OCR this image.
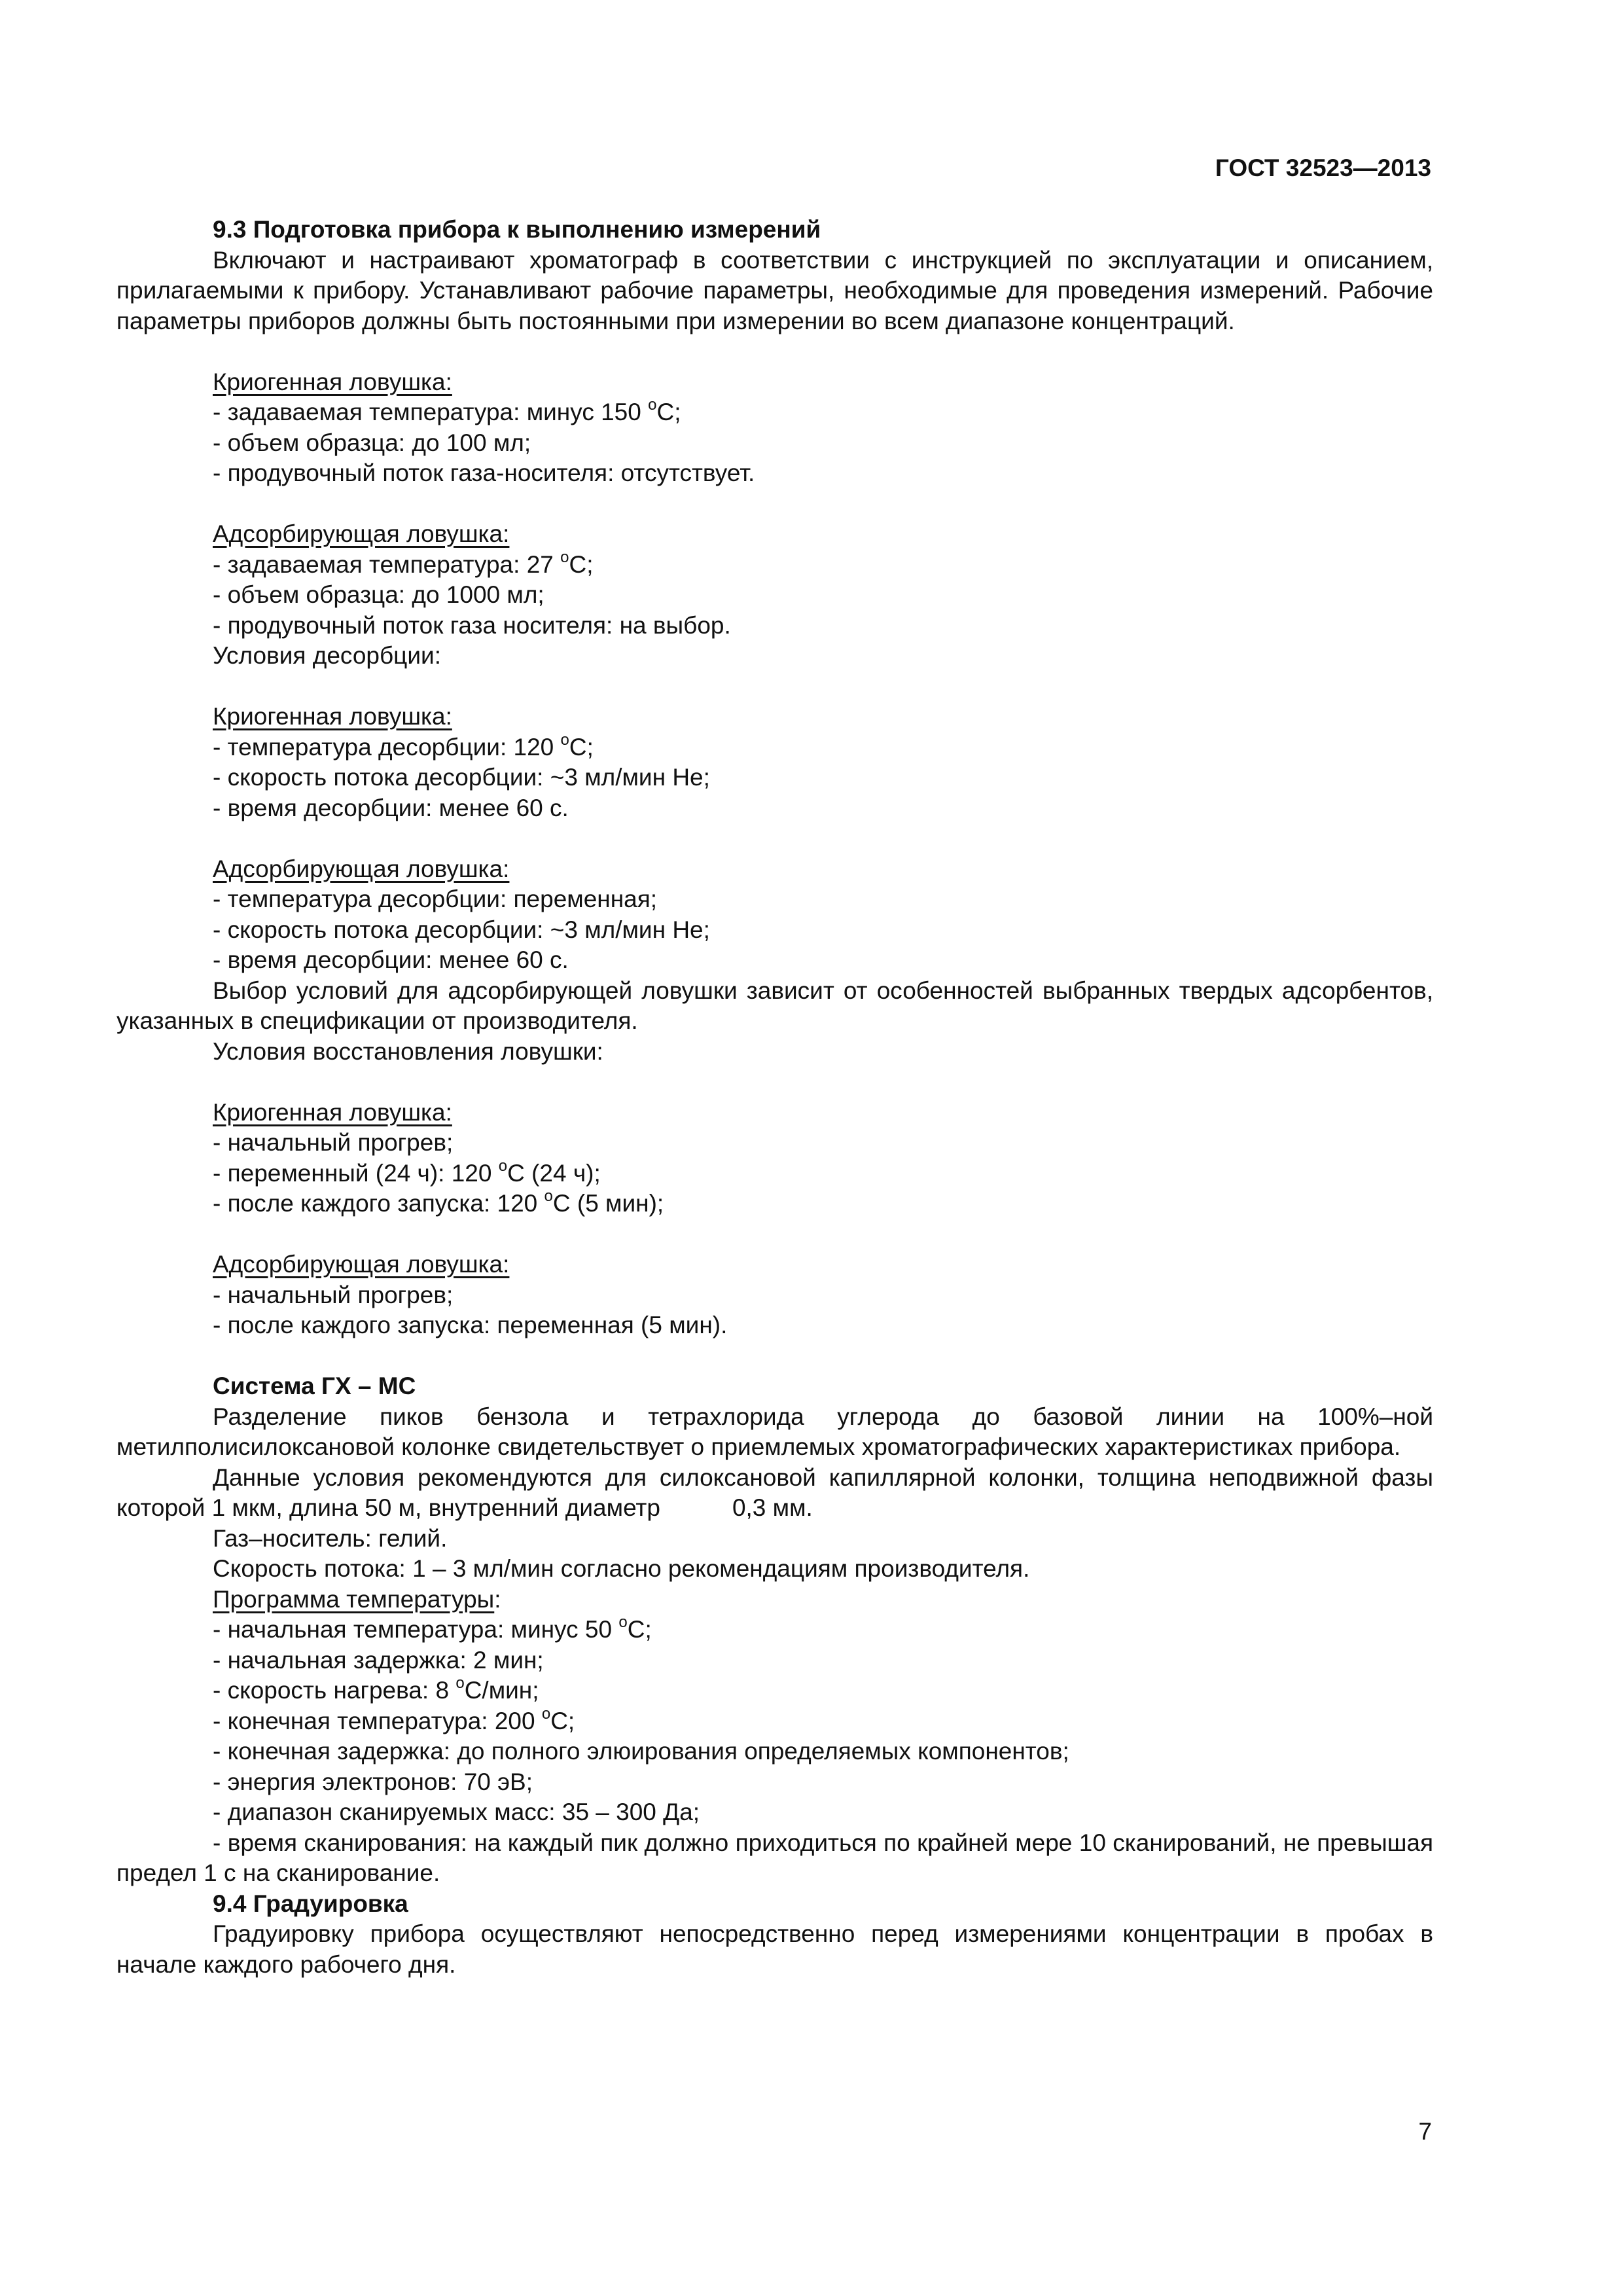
ГОСТ 32523—2013
9.3 Подготовка прибора к выполнению измерений
Включают и настраивают хроматограф в соответствии с инструкцией по эксплуатации и описанием, прилагаемыми к прибору. Устанавливают рабочие параметры, необходимые для проведения измерений. Рабочие параметры приборов должны быть постоянными при измерении во всем диапазоне концентраций.
Криогенная ловушка:
- задаваемая температура: минус 150 $^o$С;
- объем образца: до 100 мл;
- продувочный поток газа-носителя: отсутствует.
Адсорбирующая ловушка:
- задаваемая температура: 27 $^o$С;
- объем образца: до 1000 мл;
- продувочный поток газа носителя: на выбор.
Условия десорбции:
Криогенная ловушка:
- температура десорбции: 120 $^o$С;
- скорость потока десорбции: ~3 мл/мин Не;
- время десорбции: менее 60 с.
Адсорбирующая ловушка:
- температура десорбции: переменная;
- скорость потока десорбции: ~3 мл/мин Не;
- время десорбции: менее 60 с.
Выбор условий для адсорбирующей ловушки зависит от особенностей выбранных твердых адсорбентов, указанных в спецификации от производителя.
Условия восстановления ловушки:
Криогенная ловушка:
- начальный прогрев;
- переменный (24 ч): 120 $^o$С (24 ч);
- после каждого запуска: 120 $^o$С (5 мин);
Адсорбирующая ловушка:
- начальный прогрев;
- после каждого запуска: переменная (5 мин).
Система ГХ – МС
Разделение пиков бензола и тетрахлорида углерода до базовой линии на 100%–ной метилполисилоксановой колонке свидетельствует о приемлемых хроматографических характеристиках прибора.
Данные условия рекомендуются для силоксановой капиллярной колонки, толщина неподвижной фазы которой 1 мкм, длина 50 м, внутренний диаметр	0,3 мм.
Газ–носитель: гелий.
Скорость потока: 1 – 3 мл/мин согласно рекомендациям производителя.
Программа температуры:
- начальная температура: минус 50 $^o$С;
- начальная задержка: 2 мин;
- скорость нагрева: 8 $^o$С/мин;
- конечная температура: 200 $^o$С;
- конечная задержка: до полного элюирования определяемых компонентов;
- энергия электронов: 70 эВ;
- диапазон сканируемых масс: 35 – 300 Да;
- время сканирования: на каждый пик должно приходиться по крайней мере 10 сканирований, не превышая предел 1 с на сканирование.
9.4 Градуировка
Градуировку прибора осуществляют непосредственно перед измерениями концентрации в пробах в начале каждого рабочего дня.
7
